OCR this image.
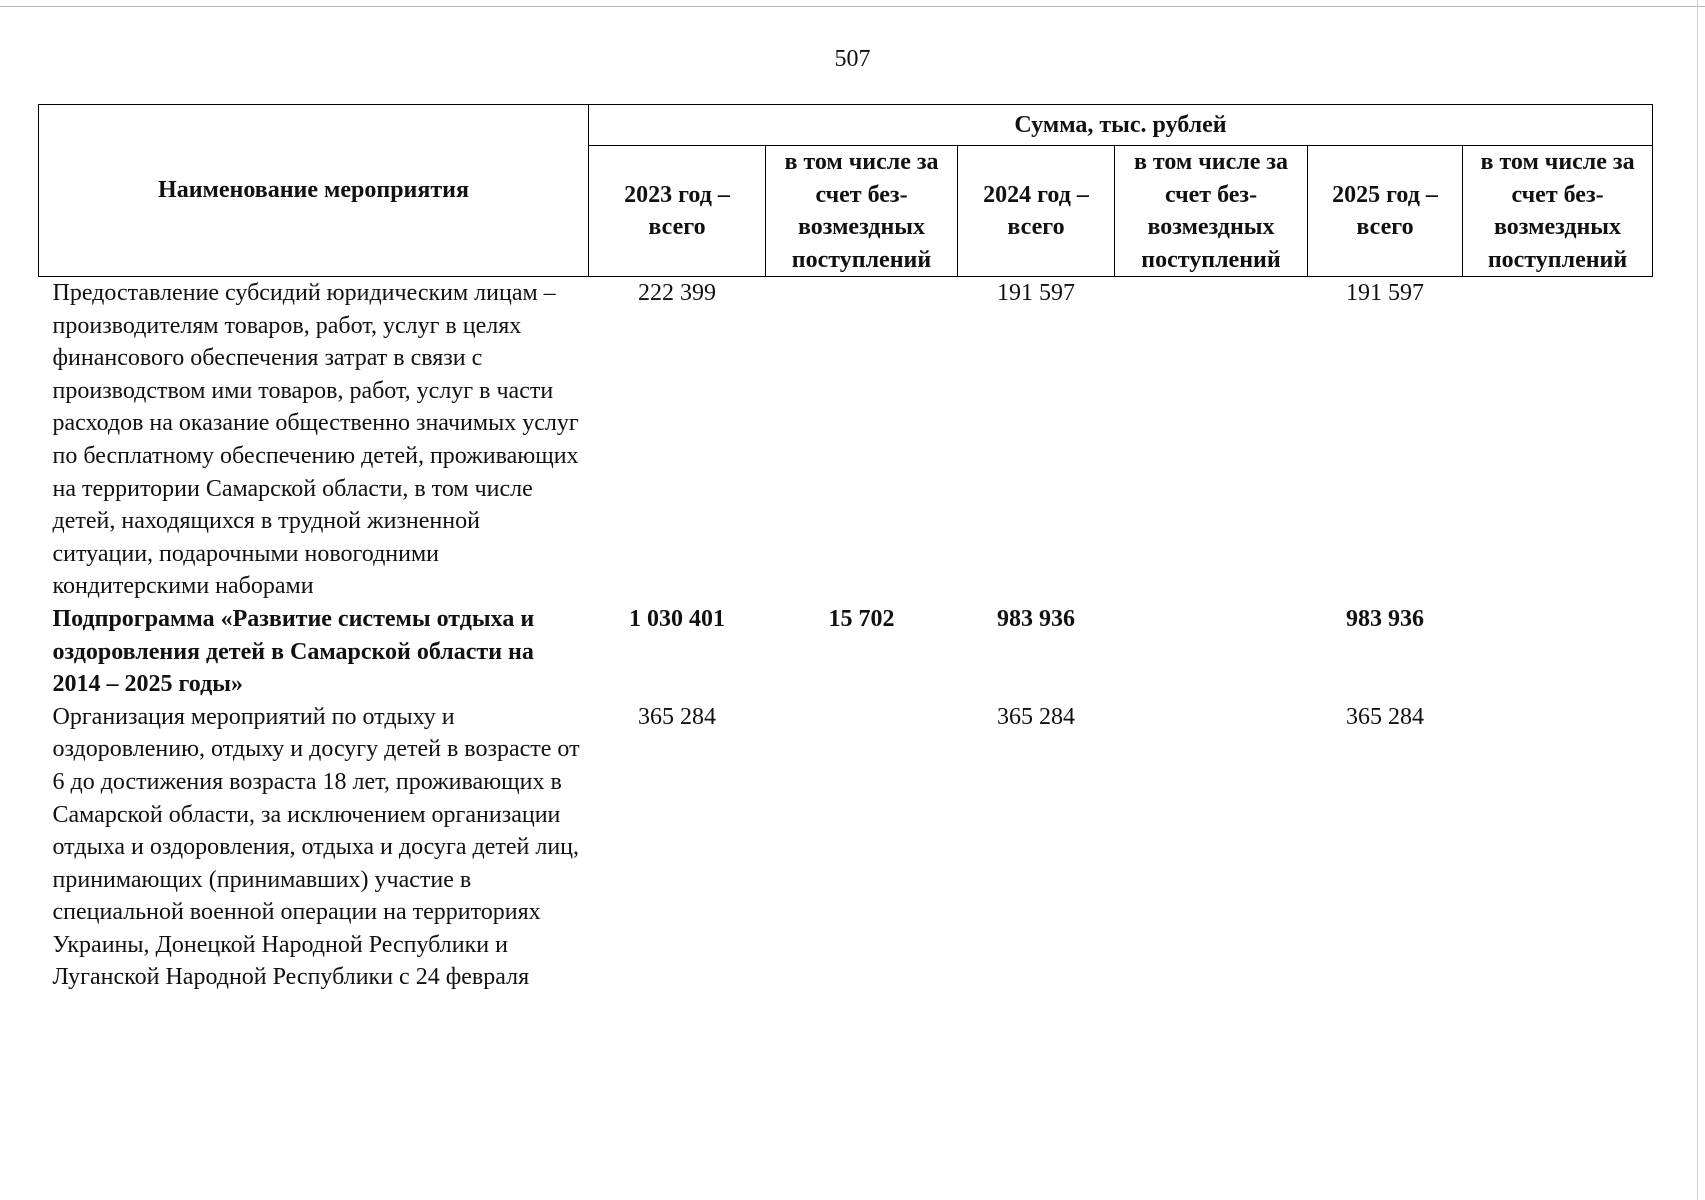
507
Наименование мероприятия	Сумма, тыс. рублей					
	2023 год – всего	в том числе за счет без-возмездных поступлений	2024 год – всего	в том числе за счет без-возмездных поступлений	2025 год – всего	в том числе за счет без-возмездных поступлений
Предоставление субсидий юридическим лицам – производителям товаров, работ, услуг в целях финансового обеспечения затрат в связи с производством ими товаров, работ, услуг в части расходов на оказание общественно значимых услуг по бесплатному обеспечению детей, проживающих на территории Самарской области, в том числе детей, находящихся в трудной жизненной ситуации, подарочными новогодними кондитерскими наборами	222 399		191 597		191 597	
Подпрограмма «Развитие системы отдыха и оздоровления детей в Самарской области на 2014 – 2025 годы»	1 030 401	15 702	983 936		983 936	
Организация мероприятий по отдыху и оздоровлению, отдыху и досугу детей в возрасте от 6 до достижения возраста 18 лет, проживающих в Самарской области, за исключением организации отдыха и оздоровления, отдыха и досуга детей лиц, принимающих (принимавших) участие в специальной военной операции на территориях Украины, Донецкой Народной Республики и Луганской Народной Республики с 24 февраля	365 284		365 284		365 284	
